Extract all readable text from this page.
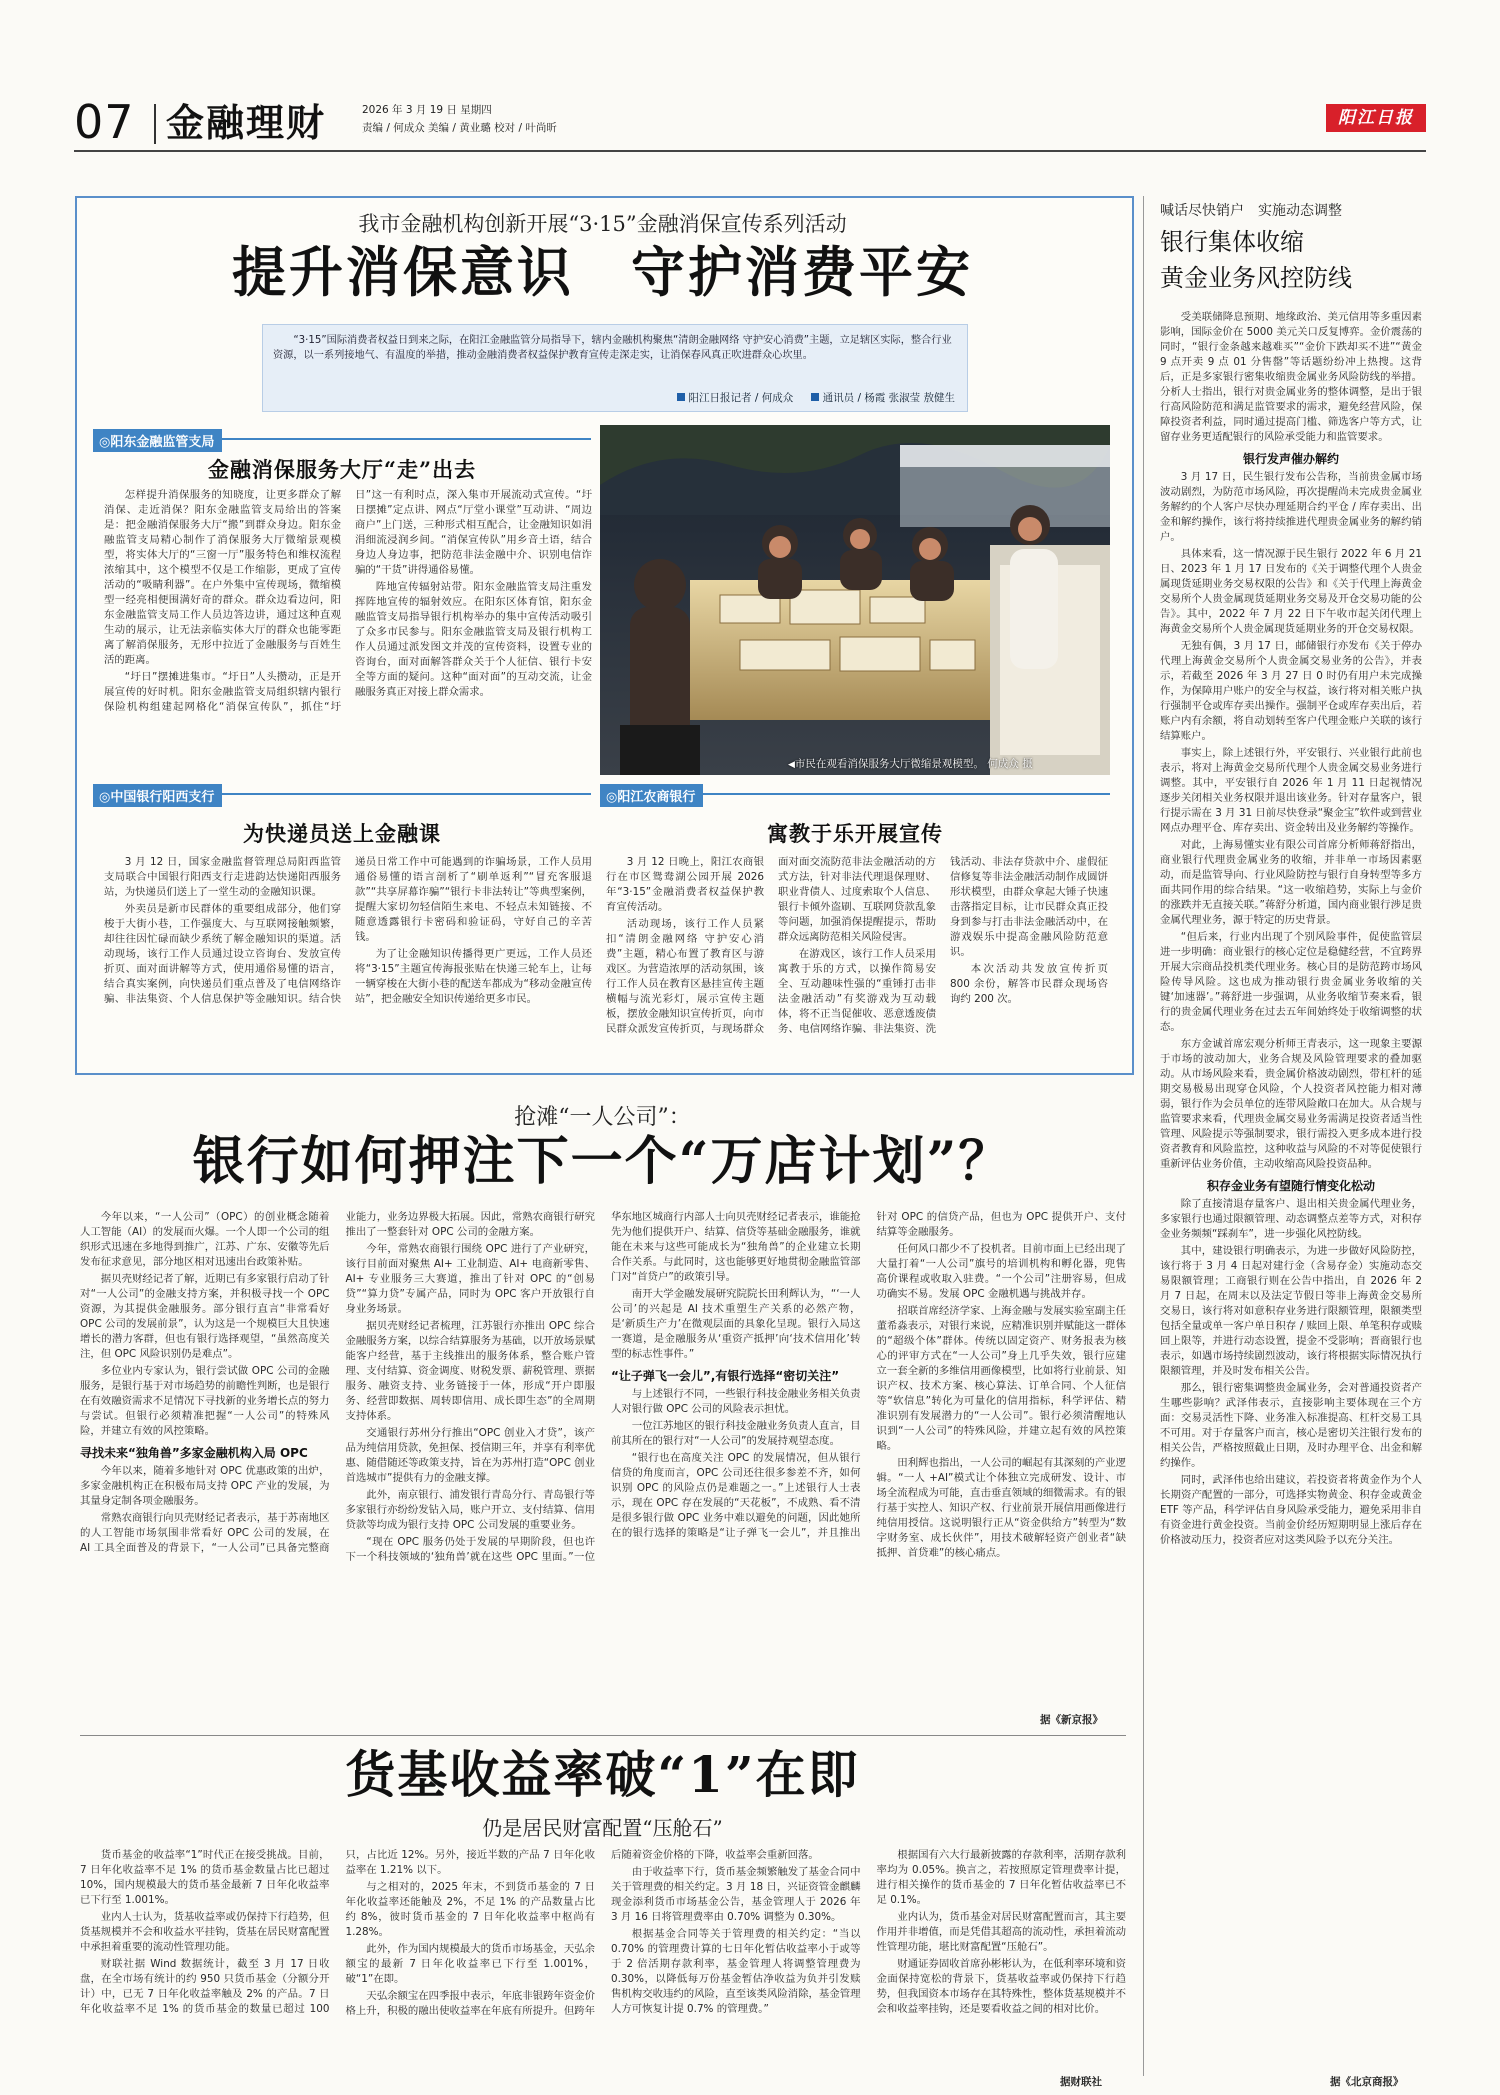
07 金融理财	2026 年 3 月 19 日 星期四
责编 / 何成众 美编 / 黄业璐 校对 / 叶尚昕	阳江日报
我市金融机构创新开展“3·15”金融消保宣传系列活动
提升消保意识　守护消费平安

“3·15”国际消费者权益日到来之际，在阳江金融监管分局指导下，辖内金融机构聚焦“清朗金融网络 守护安心消费”主题，立足辖区实际，整合行业资源，以一系列接地气、有温度的举措，推动金融消费者权益保护教育宣传走深走实，让消保春风真正吹进群众心坎里。

阳江日报记者 / 何成众	通讯员 / 杨霞 张淑莹 敖健生
◎阳东金融监管支局
金融消保服务大厅“走”出去

怎样提升消保服务的知晓度，让更多群众了解消保、走近消保？阳东金融监管支局给出的答案是：把金融消保服务大厅“搬”到群众身边。阳东金融监管支局精心制作了消保服务大厅微缩景观模型，将实体大厅的“三窗一厅”服务特色和维权流程浓缩其中，这个模型不仅是工作缩影，更成了宣传活动的“吸睛利器”。在户外集中宣传现场，微缩模型一经亮相便围满好奇的群众。群众边看边问，阳东金融监管支局工作人员边答边讲，通过这种直观生动的展示，让无法亲临实体大厅的群众也能零距离了解消保服务，无形中拉近了金融服务与百姓生活的距离。

“圩日”摆摊进集市。“圩日”人头攒动，正是开展宣传的好时机。阳东金融监管支局组织辖内银行保险机构组建起网格化“消保宣传队”，抓住“圩日”这一有利时点，深入集市开展流动式宣传。“圩日摆摊”定点讲、网点“厅堂小课堂”互动讲、“周边商户”上门送，三种形式相互配合，让金融知识如涓涓细流浸润乡间。“消保宣传队”用乡音土语，结合身边人身边事，把防范非法金融中介、识别电信诈骗的“干货”讲得通俗易懂。

阵地宣传辐射站带。阳东金融监管支局注重发挥阵地宣传的辐射效应。在阳东区体育馆，阳东金融监管支局指导银行机构举办的集中宣传活动吸引了众多市民参与。阳东金融监管支局及银行机构工作人员通过派发图文并茂的宣传资料，设置专业的咨询台，面对面解答群众关于个人征信、银行卡安全等方面的疑问。这种“面对面”的互动交流，让金融服务真正对接上群众需求。

◀市民在观看消保服务大厅微缩景观模型。 何成众 摄
◎中国银行阳西支行
为快递员送上金融课

3 月 12 日，国家金融监督管理总局阳西监管支局联合中国银行阳西支行走进韵达快递阳西服务站，为快递员们送上了一堂生动的金融知识课。

外卖员是新市民群体的重要组成部分，他们穿梭于大街小巷，工作强度大、与互联网接触频繁，却往往因忙碌而缺少系统了解金融知识的渠道。活动现场，该行工作人员通过设立咨询台、发放宣传折页、面对面讲解等方式，使用通俗易懂的语言，结合真实案例，向快递员们重点普及了电信网络诈骗、非法集资、个人信息保护等金融知识。结合快递员日常工作中可能遇到的诈骗场景，工作人员用通俗易懂的语言剖析了“刷单返利”“冒充客服退款”“共享屏幕诈骗”“银行卡非法转让”等典型案例，提醒大家切勿轻信陌生来电、不轻点未知链接、不随意透露银行卡密码和验证码，守好自己的辛苦钱。

为了让金融知识传播得更广更远，工作人员还将“3·15”主题宣传海报张贴在快递三轮车上，让每一辆穿梭在大街小巷的配送车都成为“移动金融宣传站”，把金融安全知识传递给更多市民。

◎阳江农商银行
寓教于乐开展宣传

3 月 12 日晚上，阳江农商银行在市区鸳鸯湖公园开展 2026 年“3·15”金融消费者权益保护教育宣传活动。

活动现场，该行工作人员紧扣“清朗金融网络 守护安心消费”主题，精心布置了教育区与游戏区。为营造浓厚的活动氛围，该行工作人员在教育区悬挂宣传主题横幅与流光彩灯，展示宣传主题板，摆放金融知识宣传折页，向市民群众派发宣传折页，与现场群众面对面交流防范非法金融活动的方式方法，针对非法代理退保理财、职业背债人、过度索取个人信息、银行卡倾外盗刷、互联网贷款乱象等问题，加强消保提醒提示，帮助群众远离防范相关风险侵害。

在游戏区，该行工作人员采用寓教于乐的方式，以操作简易安全、互动趣味性强的“重锤打击非法金融活动”有奖游戏为互动载体，将不正当促催收、恶意透废债务、电信网络诈骗、非法集资、洗钱活动、非法存贷款中介、虚假征信修复等非法金融活动制作成圆饼形状模型，由群众拿起大锤子快速击落指定目标，让市民群众真正投身到参与打击非法金融活动中，在游戏娱乐中提高金融风险防范意识。

本次活动共发放宣传折页 800 余份，解答市民群众现场咨询约 200 次。

抢滩“一人公司”：
银行如何押注下一个“万店计划”？

今年以来，“一人公司”（OPC）的创业概念随着人工智能（AI）的发展而火爆。一个人即一个公司的组织形式迅速在多地得到推广，江苏、广东、安徽等先后发布征求意见，部分地区相对迅速出台政策补贴。

据贝壳财经记者了解，近期已有多家银行启动了针对“一人公司”的金融支持方案，并积极寻找一个 OPC 资源，为其提供金融服务。部分银行直言“非常看好 OPC 公司的发展前景”，认为这是一个规模巨大且快速增长的潜力客群，但也有银行选择观望，“虽然高度关注，但 OPC 风险识别仍是难点”。

多位业内专家认为，银行尝试做 OPC 公司的金融服务，是银行基于对市场趋势的前瞻性判断，也是银行在有效融资需求不足情况下寻找新的业务增长点的努力与尝试。但银行必须精准把握“一人公司”的特殊风险，并建立有效的风控策略。

寻找未来“独角兽”多家金融机构入局 OPC

今年以来，随着多地针对 OPC 优惠政策的出炉，多家金融机构正在积极布局支持 OPC 产业的发展，为其量身定制各项金融服务。

常熟农商银行向贝壳财经记者表示，基于苏南地区的人工智能市场氛围非常看好 OPC 公司的发展，在 AI 工具全面普及的背景下，“一人公司”已具备完整商业能力，业务边界极大拓展。因此，常熟农商银行研究推出了一整套针对 OPC 公司的金融方案。

今年，常熟农商银行围绕 OPC 进行了产业研究，该行目前面对聚焦 AI+ 工业制造、AI+ 电商新零售、AI+ 专业服务三大赛道，推出了针对 OPC 的“创易贷”“算力贷”专属产品，同时为 OPC 客户开放银行自身业务场景。

据贝壳财经记者梳理，江苏银行亦推出 OPC 综合金融服务方案，以综合结算服务为基础，以开放场景赋能客户经营，基于主线推出的服务体系，整合账户管理、支付结算、资金调度、财税发票、薪税管理、票据服务、融资支持、业务链接于一体，形成“开户即服务、经营即数据、周转即信用、成长即生态”的全周期支持体系。

交通银行苏州分行推出“OPC 创业入才贷”，该产品为纯信用贷款，免担保、授信期三年，并享有利率优惠、随借随还等政策支持，旨在为苏州打造“OPC 创业首选城市”提供有力的金融支撑。

此外，南京银行、浦发银行青岛分行、青岛银行等多家银行亦纷纷发钻入局，账户开立、支付结算、信用贷款等均成为银行支持 OPC 公司发展的重要业务。

“现在 OPC 服务仍处于发展的早期阶段，但也许下一个科技领域的‘独角兽’就在这些 OPC 里面。”一位华东地区城商行内部人士向贝壳财经记者表示，谁能抢先为他们提供开户、结算、信贷等基础金融服务，谁就能在未来与这些可能成长为“独角兽”的企业建立长期合作关系。与此同时，这也能够更好地贯彻金融监管部门对“首贷户”的政策引导。

南开大学金融发展研究院院长田利辉认为，“‘一人公司’的兴起是 AI 技术重塑生产关系的必然产物，是‘新质生产力’在微观层面的具象化呈现。银行入局这一赛道，是金融服务从‘重资产抵押’向‘技术信用化’转型的标志性事件。”

“让子弹飞一会儿”,有银行选择“密切关注”

与上述银行不同，一些银行科技金融业务相关负责人对银行做 OPC 公司的风险表示担忧。

一位江苏地区的银行科技金融业务负责人直言，目前其所在的银行对“一人公司”的发展持观望态度。

“银行也在高度关注 OPC 的发展情况，但从银行信贷的角度而言，OPC 公司还往很多参差不齐，如何识别 OPC 的风险点仍是难题之一。”上述银行人士表示，现在 OPC 存在发展的“天花板”，不成熟、看不清是很多银行做 OPC 业务中难以避免的问题，因此她所在的银行选择的策略是“让子弹飞一会儿”，并且推出针对 OPC 的信贷产品，但也为 OPC 提供开户、支付结算等金融服务。

任何风口都少不了投机者。目前市面上已经出现了大量打着“一人公司”旗号的培训机构和孵化器，兜售高价课程或收取入驻费。“一个公司”注册容易，但成功确实不易。发展 OPC 金融机遇与挑战并存。

招联首席经济学家、上海金融与发展实验室副主任董希淼表示，对银行来说，应精准识别并赋能这一群体的“超级个体”群体。传统以固定资产、财务报表为核心的评审方式在“一人公司”身上几乎失效，银行应建立一套全新的多维信用画像模型，比如将行业前景、知识产权、技术方案、核心算法、订单合同、个人征信等“软信息”转化为可量化的信用指标，科学评估、精准识别有发展潜力的“一人公司”。银行必须清醒地认识到“一人公司”的特殊风险，并建立起有效的风控策略。

田利辉也指出，一人公司的崛起有其深刻的产业逻辑。“一人 +AI”模式让个体独立完成研发、设计、市场全流程成为可能，直击垂直领域的细微需求。有的银行基于实控人、知识产权、行业前景开展信用画像进行纯信用授信。这说明银行正从“资金供给方”转型为“数字财务室、成长伙伴”，用技术破解轻资产创业者“缺抵押、首贷难”的核心痛点。

据《新京报》
货基收益率破“1”在即
仍是居民财富配置“压舱石”

货币基金的收益率“1”时代正在接受挑战。目前，7 日年化收益率不足 1% 的货币基金数量占比已超过 10%，国内规模最大的货币基金最新 7 日年化收益率已下行至 1.001%。

业内人士认为，货基收益率或仍保持下行趋势，但货基规模并不会和收益水平挂钩，货基在居民财富配置中承担着重要的流动性管理功能。

财联社据 Wind 数据统计，截至 3 月 17 日收盘，在全市场有统计的约 950 只货币基金（分额分开计）中，已无 7 日年化收益率触及 2% 的产品。7 日年化收益率不足 1% 的货币基金的数量已超过 100 只，占比近 12%。另外，接近半数的产品 7 日年化收益率在 1.21% 以下。

与之相对的，2025 年末，不到货币基金的 7 日年化收益率还能触及 2%，不足 1% 的产品数量占比约 8%，彼时货币基金的 7 日年化收益率中枢尚有 1.28%。

此外，作为国内规模最大的货币市场基金，天弘余额宝的最新 7 日年化收益率已下行至 1.001%，破“1”在即。

天弘余额宝在四季报中表示，年底非银跨年资金价格上升，积极的融出使收益率在年底有所提升。但跨年后随着资金价格的下降，收益率会重新回落。

由于收益率下行，货币基金频繁触发了基金合同中关于管理费的相关约定。3 月 18 日，兴证资管金麒麟现金添利货币市场基金公告，基金管理人于 2026 年 3 月 16 日将管理费率由 0.70% 调整为 0.30%。

根据基金合同等关于管理费的相关约定：“当以 0.70% 的管理费计算的七日年化暂估收益率小于或等于 2 倍活期存款利率，基金管理人将调整管理费为 0.30%，以降低每万份基金暂估净收益为负并引发赎售机构交收违约的风险，直至该类风险消除，基金管理人方可恢复计提 0.7% 的管理费。”

根据国有六大行最新披露的存款利率，活期存款利率均为 0.05%。换言之，若按照原定管理费率计提，进行相关操作的货币基金的 7 日年化暂估收益率已不足 0.1%。

业内认为，货币基金对居民财富配置而言，其主要作用并非增值，而是凭借其超高的流动性，承担着流动性管理功能，堪比财富配置“压舱石”。

财通证券固收首席孙彬彬认为，在低利率环境和资金面保持宽松的背景下，货基收益率或仍保持下行趋势，但我国资本市场存在其特殊性，整体货基规模并不会和收益率挂钩，还是要看收益之间的相对比价。

据财联社
喊话尽快销户　实施动态调整
银行集体收缩
黄金业务风控防线

受美联储降息预期、地缘政治、美元信用等多重因素影响，国际金价在 5000 美元关口反复博弈。金价震荡的同时，“银行金条越来越难买”“金价下跌却买不进”“黄金 9 点开卖 9 点 01 分售罄”等话题纷纷冲上热搜。这背后，正是多家银行密集收缩贵金属业务风险防线的举措。分析人士指出，银行对贵金属业务的整体调整，是出于银行高风险防范和满足监管要求的需求，避免经营风险，保障投资者利益，同时通过提高门槛、筛选客户等方式，让留存业务更适配银行的风险承受能力和监管要求。

银行发声催办解约

3 月 17 日，民生银行发布公告称，当前贵金属市场波动剧烈，为防范市场风险，再次提醒尚未完成贵金属业务解约的个人客户尽快办理延期合约平仓 / 库存卖出、出金和解约操作，该行将持续推进代理贵金属业务的解约销户。

具体来看，这一情况源于民生银行 2022 年 6 月 21 日、2023 年 1 月 17 日发布的《关于调整代理个人贵金属现货延期业务交易权限的公告》和《关于代理上海黄金交易所个人贵金属现货延期业务交易及开仓交易功能的公告》。其中，2022 年 7 月 22 日下午收市起关闭代理上海黄金交易所个人贵金属现货延期业务的开仓交易权限。

无独有偶，3 月 17 日，邮储银行亦发布《关于停办代理上海黄金交易所个人贵金属交易业务的公告》，并表示，若截至 2026 年 3 月 27 日 0 时仍有用户未完成操作，为保障用户账户的安全与权益，该行将对相关账户执行强制平仓或库存卖出操作。强制平仓或库存卖出后，若账户内有余额，将自动划转至客户代理金账户关联的该行结算账户。

事实上，除上述银行外，平安银行、兴业银行此前也表示，将对上海黄金交易所代理个人贵金属交易业务进行调整。其中，平安银行自 2026 年 1 月 11 日起视情况逐步关闭相关业务权限并退出该业务。针对存量客户，银行提示需在 3 月 31 日前尽快登录“聚金宝”软件或到营业网点办理平仓、库存卖出、资金转出及业务解约等操作。

对此，上海易懂实业有限公司首席分析师蒋舒指出，商业银行代理贵金属业务的收缩，并非单一市场因素驱动，而是监管导向、行业风险防控与银行自身转型等多方面共同作用的综合结果。“这一收缩趋势，实际上与金价的涨跌并无直接关联。”蒋舒分析道，国内商业银行涉足贵金属代理业务，源于特定的历史背景。

“但后来，行业内出现了个别风险事件，促使监管层进一步明确：商业银行的核心定位是稳健经营，不宜跨界开展大宗商品投机类代理业务。核心目的是防范跨市场风险传导风险。这也成为推动银行贵金属业务收缩的关键‘加速器’。”蒋舒进一步强调，从业务收缩节奏来看，银行的贵金属代理业务在过去五年间始终处于收缩调整的状态。

东方金诚首席宏观分析师王青表示，这一现象主要源于市场的波动加大，业务合规及风险管理要求的叠加驱动。从市场风险来看，贵金属价格波动剧烈，带杠杆的延期交易极易出现穿仓风险，个人投资者风控能力相对薄弱，银行作为会员单位的连带风险敞口在加大。从合规与监管要求来看，代理贵金属交易业务需满足投资者适当性管理、风险提示等强制要求，银行需投入更多成本进行投资者教育和风险监控，这种收益与风险的不对等促使银行重新评估业务价值，主动收缩高风险投资品种。

积存金业务有望随行情变化松动

除了直接清退存量客户、退出相关贵金属代理业务，多家银行也通过限额管理、动态调整点差等方式，对积存金业务频频“踩刹车”，进一步强化风控防线。

其中，建设银行明确表示，为进一步做好风险防控，该行将于 3 月 4 日起对建行金（含易存金）实施动态交易限额管理；工商银行则在公告中指出，自 2026 年 2 月 7 日起，在周末以及法定节假日等非上海黄金交易所交易日，该行将对如意积存业务进行限额管理，限额类型包括全量或单一客户单日积存 / 赎回上限、单笔积存或赎回上限等，并进行动态设置，提金不受影响；晋商银行也表示，如遇市场持续剧烈波动，该行将根据实际情况执行限额管理，并及时发布相关公告。

那么，银行密集调整贵金属业务，会对普通投资者产生哪些影响？武泽伟表示，直接影响主要体现在三个方面：交易灵活性下降、业务准入标准提高、杠杆交易工具不可用。对于存量客户而言，核心是密切关注银行发布的相关公告，严格按照截止日期，及时办理平仓、出金和解约操作。

同时，武泽伟也给出建议，若投资者将黄金作为个人长期资产配置的一部分，可选择实物黄金、积存金或黄金 ETF 等产品，科学评估自身风险承受能力，避免采用非自有资金进行黄金投资。当前金价经历短期明显上涨后存在价格波动压力，投资者应对这类风险予以充分关注。

据《北京商报》
